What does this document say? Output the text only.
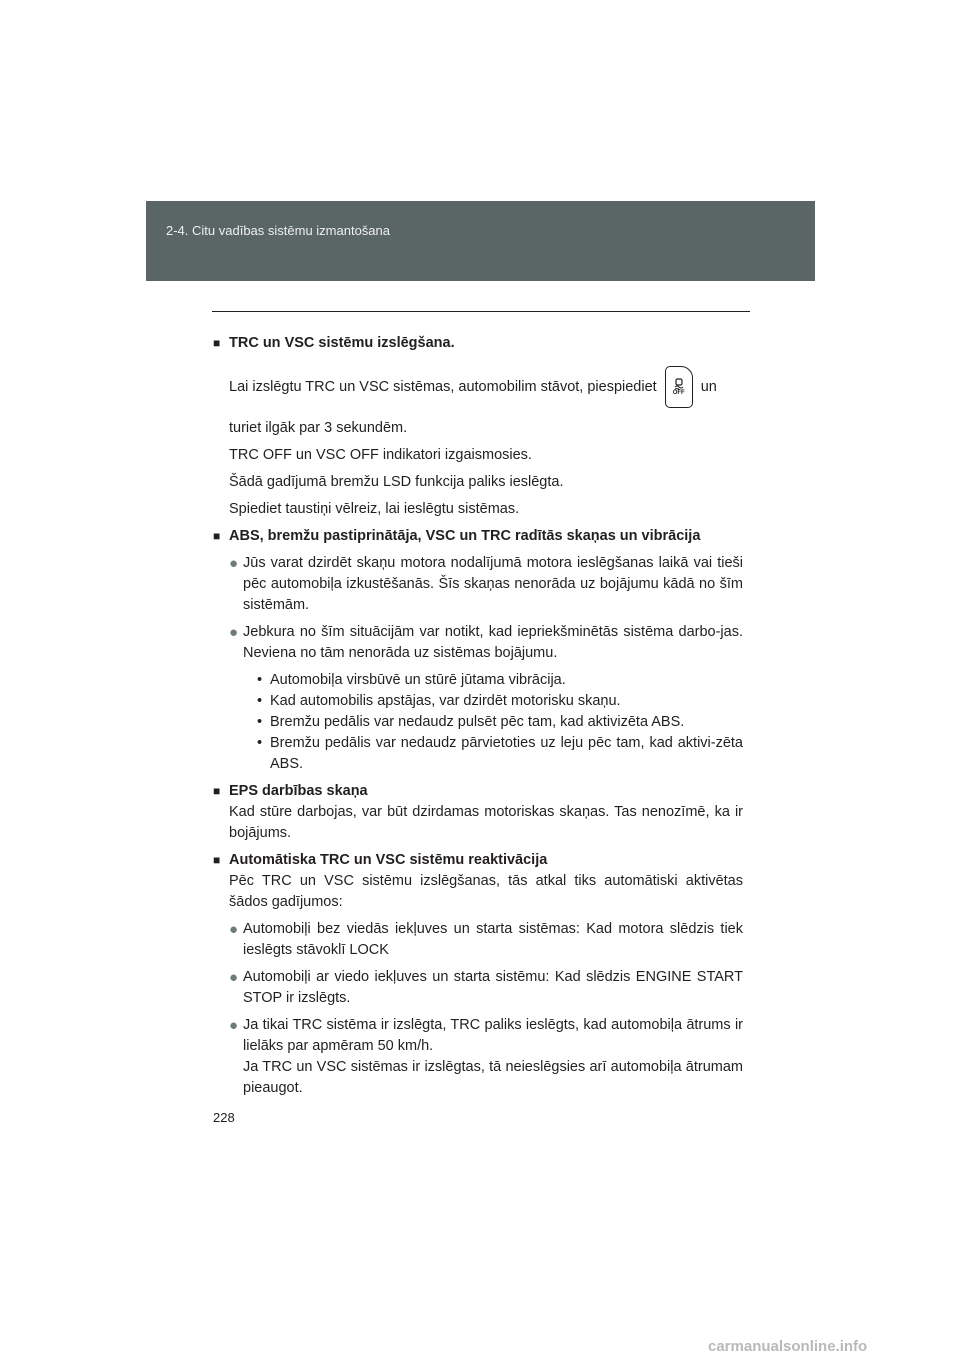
2-4. Citu vadības sistēmu izmantošana
■ TRC un VSC sistēmu izslēgšana.
Lai izslēgtu TRC un VSC sistēmas, automobilim stāvot, piespiediet	OFF un
turiet ilgāk par 3 sekundēm.
TRC OFF un VSC OFF indikatori izgaismosies.
Šādā gadījumā bremžu LSD funkcija paliks ieslēgta.
Spiediet taustiņi vēlreiz, lai ieslēgtu sistēmas.
■ ABS, bremžu pastiprinātāja, VSC un TRC radītās skaņas un vibrācija
● Jūs varat dzirdēt skaņu motora nodalījumā motora ieslēgšanas laikā vai tieši pēc automobiļa izkustēšanās. Šīs skaņas nenorāda uz bojājumu kādā no šīm sistēmām.
● Jebkura no šīm situācijām var notikt, kad iepriekšminētās sistēma darbo-jas. Neviena no tām nenorāda uz sistēmas bojājumu.
• Automobiļa virsbūvē un stūrē jūtama vibrācija.
• Kad automobilis apstājas, var dzirdēt motorisku skaņu.
• Bremžu pedālis var nedaudz pulsēt pēc tam, kad aktivizēta ABS.
• Bremžu pedālis var nedaudz pārvietoties uz leju pēc tam, kad aktivi-zēta ABS.
■ EPS darbības skaņa
Kad stūre darbojas, var būt dzirdamas motoriskas skaņas. Tas nenozīmē, ka ir bojājums.
■ Automātiska TRC un VSC sistēmu reaktivācija
Pēc TRC un VSC sistēmu izslēgšanas, tās atkal tiks automātiski aktivētas šādos gadījumos:
● Automobiļi bez viedās iekļuves un starta sistēmas: Kad motora slēdzis tiek ieslēgts stāvoklī LOCK
● Automobiļi ar viedo iekļuves un starta sistēmu: Kad slēdzis ENGINE START STOP ir izslēgts.
● Ja tikai TRC sistēma ir izslēgta, TRC paliks ieslēgts, kad automobiļa ātrums ir lielāks par apmēram 50 km/h.
Ja TRC un VSC sistēmas ir izslēgtas, tā neieslēgsies arī automobiļa ātrumam pieaugot.
228
carmanualsonline.info
